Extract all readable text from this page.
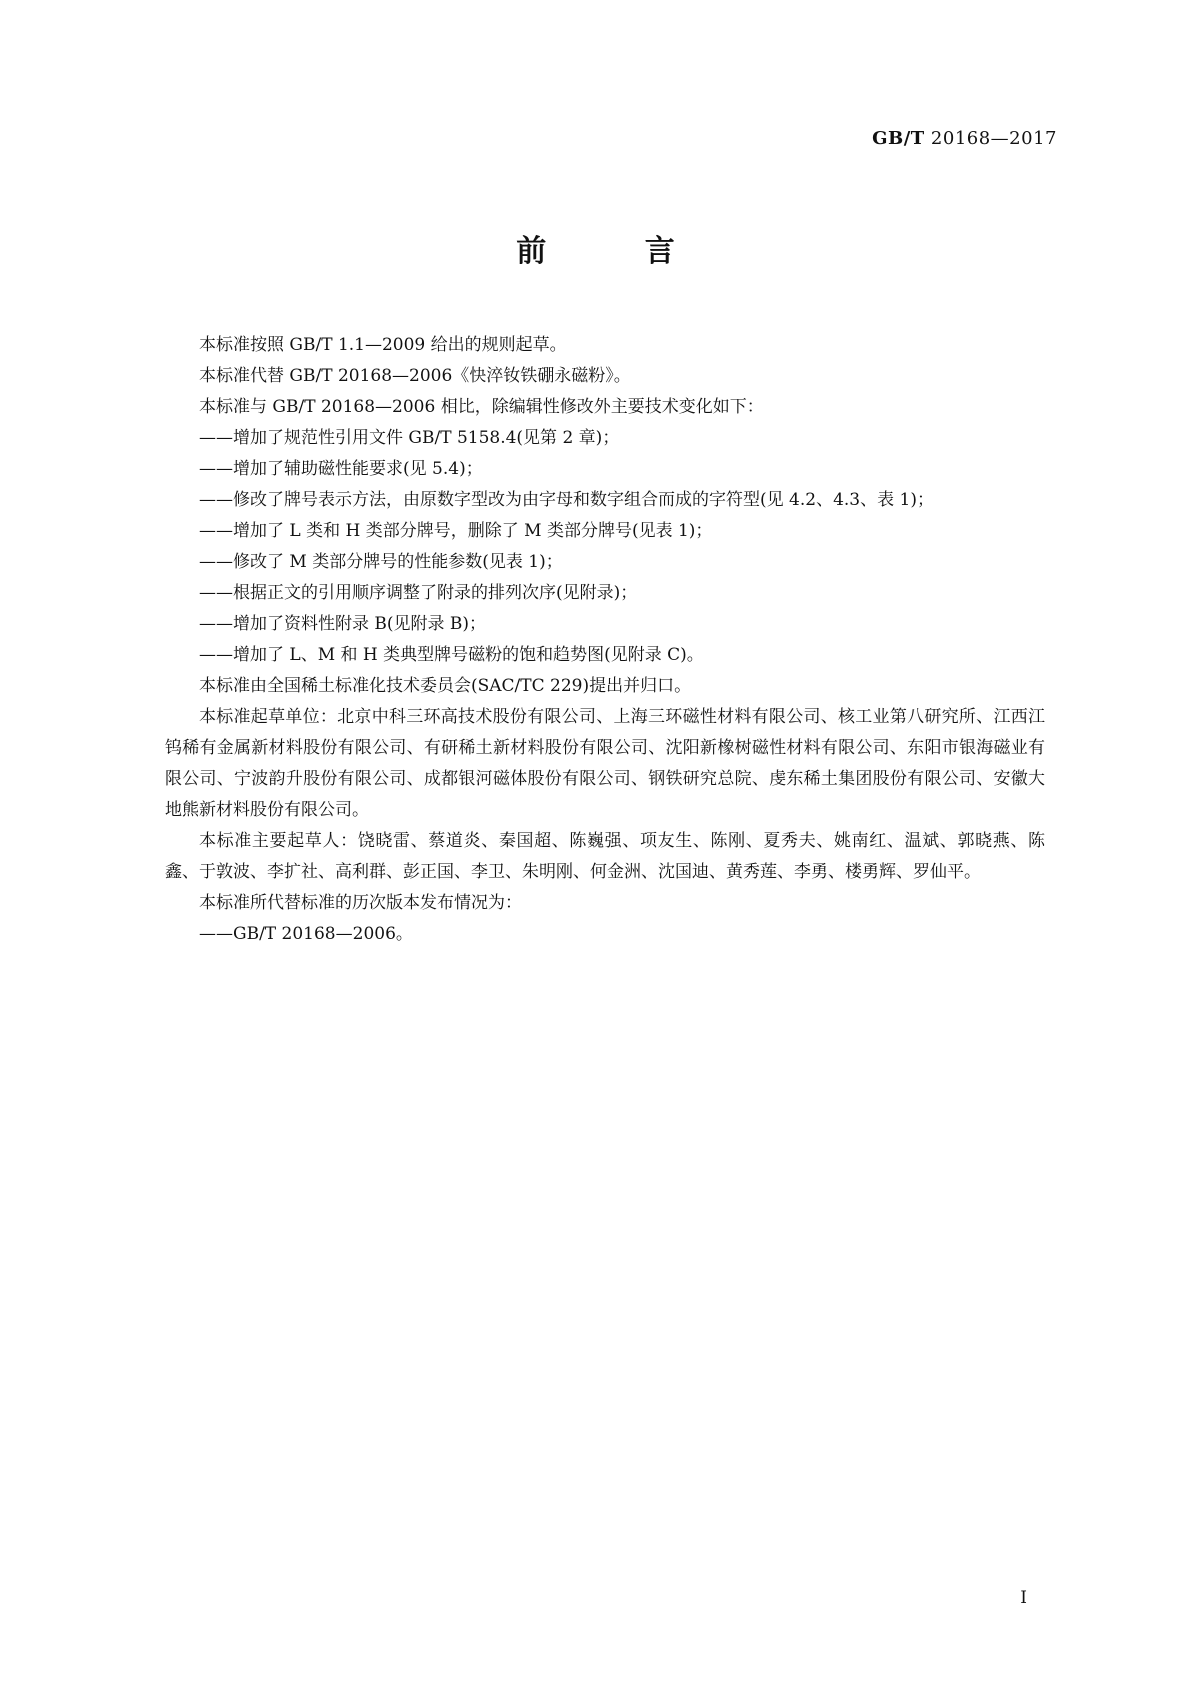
GB/T 20168—2017
前 言

本标准按照 GB/T 1.1—2009 给出的规则起草。

本标准代替 GB/T 20168—2006《快淬钕铁硼永磁粉》。

本标准与 GB/T 20168—2006 相比，除编辑性修改外主要技术变化如下：

——增加了规范性引用文件 GB/T 5158.4(见第 2 章)；

——增加了辅助磁性能要求(见 5.4)；

——修改了牌号表示方法，由原数字型改为由字母和数字组合而成的字符型(见 4.2、4.3、表 1)；

——增加了 L 类和 H 类部分牌号，删除了 M 类部分牌号(见表 1)；

——修改了 M 类部分牌号的性能参数(见表 1)；

——根据正文的引用顺序调整了附录的排列次序(见附录)；

——增加了资料性附录 B(见附录 B)；

——增加了 L、M 和 H 类典型牌号磁粉的饱和趋势图(见附录 C)。

本标准由全国稀土标准化技术委员会(SAC/TC 229)提出并归口。

本标准起草单位：北京中科三环高技术股份有限公司、上海三环磁性材料有限公司、核工业第八研究所、江西江钨稀有金属新材料股份有限公司、有研稀土新材料股份有限公司、沈阳新橡树磁性材料有限公司、东阳市银海磁业有限公司、宁波韵升股份有限公司、成都银河磁体股份有限公司、钢铁研究总院、虔东稀土集团股份有限公司、安徽大地熊新材料股份有限公司。

本标准主要起草人：饶晓雷、蔡道炎、秦国超、陈巍强、项友生、陈刚、夏秀夫、姚南红、温斌、郭晓燕、陈鑫、于敦波、李扩社、高利群、彭正国、李卫、朱明刚、何金洲、沈国迪、黄秀莲、李勇、楼勇辉、罗仙平。

本标准所代替标准的历次版本发布情况为：

——GB/T 20168—2006。

I
